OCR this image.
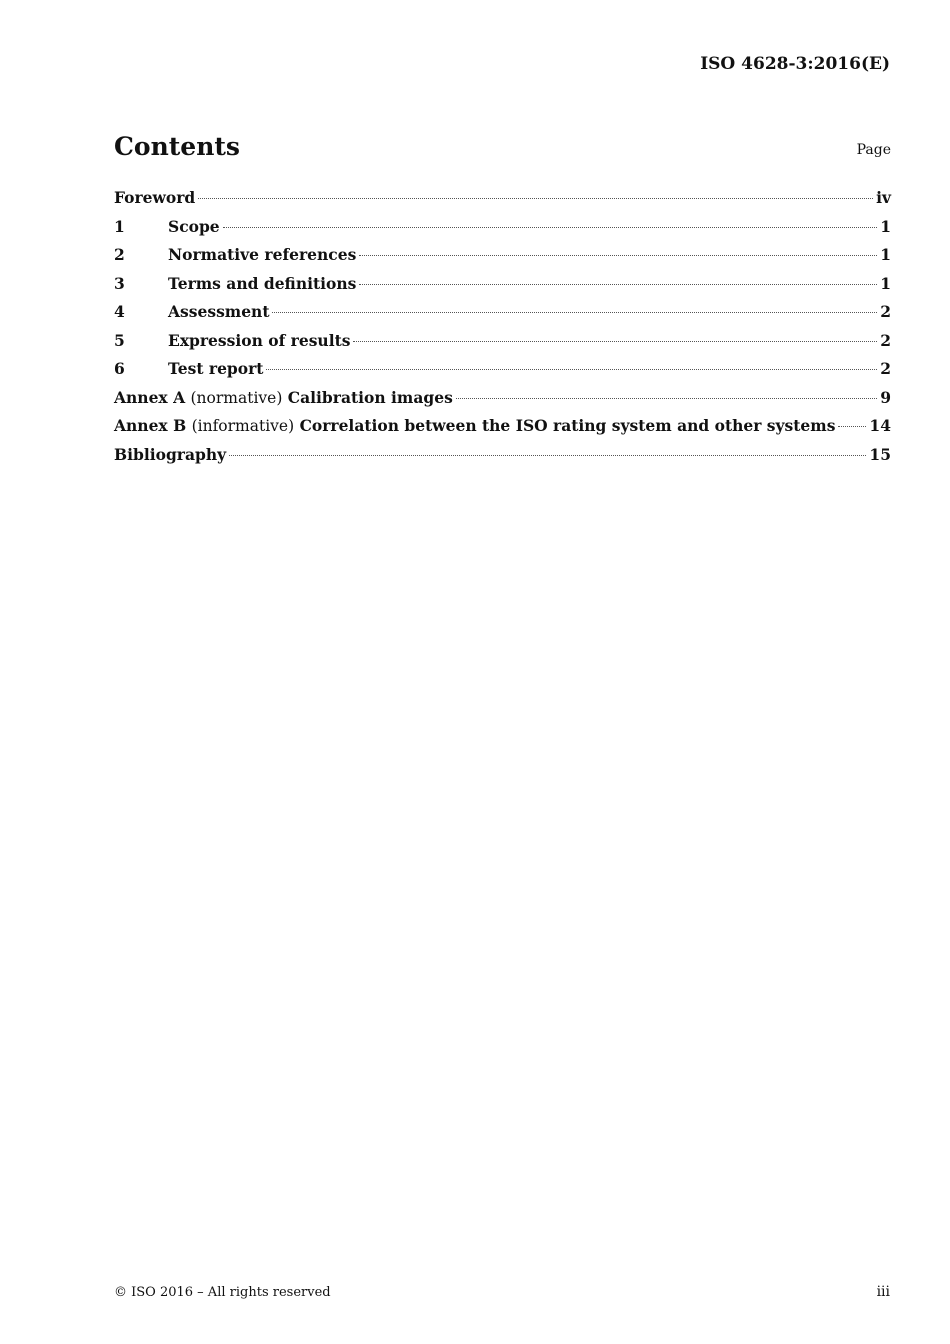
ISO 4628-3:2016(E)
Contents	Page
Foreword	iv
1	Scope	1
2	Normative references	1
3	Terms and definitions	1
4	Assessment	2
5	Expression of results	2
6	Test report	2
Annex A (normative) Calibration images	9
Annex B (informative) Correlation between the ISO rating system and other systems 14
Bibliography	15
© ISO 2016 – All rights reserved	iii
